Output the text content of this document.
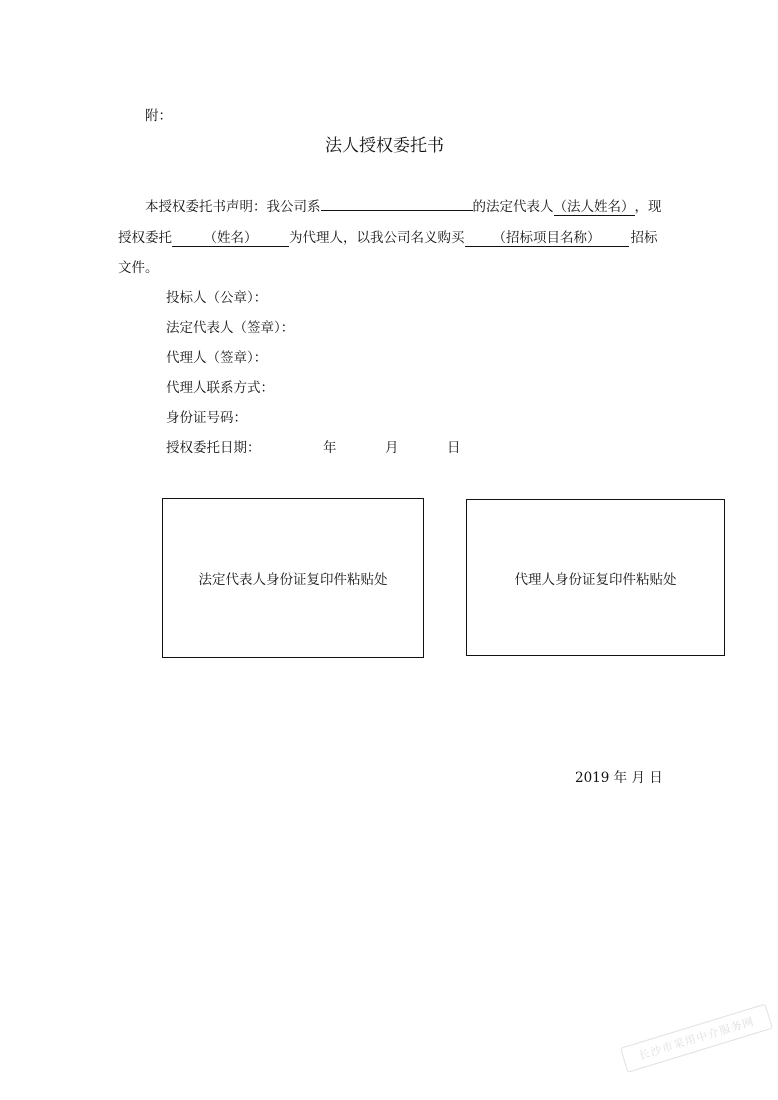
附：
法人授权委托书
本授权委托书声明：我公司系	的法定代表人（法人姓名），现
授权委托 （姓名） 为代理人，以我公司名义购买 （招标项目名称） 招标
文件。
投标人（公章）：
法定代表人（签章）：
代理人（签章）：
代理人联系方式：
身份证号码：
授权委托日期：	年	月	日
法定代表人身份证复印件粘贴处	代理人身份证复印件粘贴处
2019 年 月 日
长沙市采用中介服务网
